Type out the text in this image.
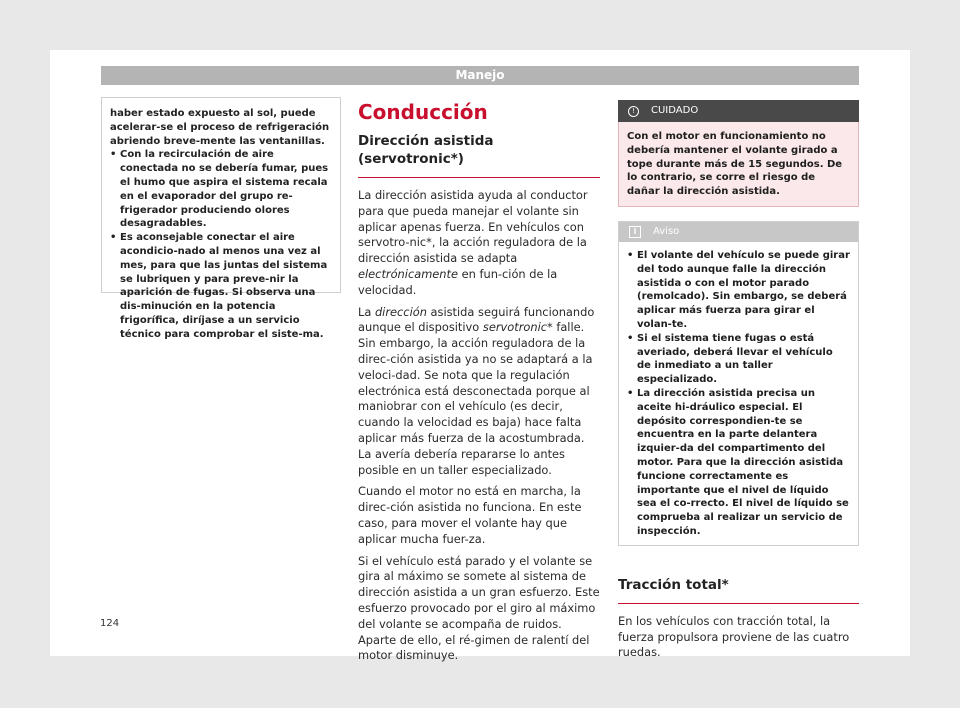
Manejo

haber estado expuesto al sol, puede acelerar-se el proceso de refrigeración abriendo breve-mente las ventanillas.

• Con la recirculación de aire conectada no se debería fumar, pues el humo que aspira el sistema recala en el evaporador del grupo re-frigerador produciendo olores desagradables.
• Es aconsejable conectar el aire acondicio-nado al menos una vez al mes, para que las juntas del sistema se lubriquen y para preve-nir la aparición de fugas. Si observa una dis-minución en la potencia frigorífica, diríjase a un servicio técnico para comprobar el siste-ma.
Conducción
Dirección asistida (servotronic*)

La dirección asistida ayuda al conductor para que pueda manejar el volante sin aplicar apenas fuerza. En vehículos con servotro-nic*, la acción reguladora de la dirección asistida se adapta electrónicamente en fun-ción de la velocidad.

La dirección asistida seguirá funcionando aunque el dispositivo servotronic* falle. Sin embargo, la acción reguladora de la direc-ción asistida ya no se adaptará a la veloci-dad. Se nota que la regulación electrónica está desconectada porque al maniobrar con el vehículo (es decir, cuando la velocidad es baja) hace falta aplicar más fuerza de la acostumbrada. La avería debería repararse lo antes posible en un taller especializado.

Cuando el motor no está en marcha, la direc-ción asistida no funciona. En este caso, para mover el volante hay que aplicar mucha fuer-za.

Si el vehículo está parado y el volante se gira al máximo se somete al sistema de dirección asistida a un gran esfuerzo. Este esfuerzo provocado por el giro al máximo del volante se acompaña de ruidos. Aparte de ello, el ré-gimen de ralentí del motor disminuye.

!	CUIDADO
Con el motor en funcionamiento no debería mantener el volante girado a tope durante más de 15 segundos. De lo contrario, se corre el riesgo de dañar la dirección asistida.
i	Aviso
• El volante del vehículo se puede girar del todo aunque falle la dirección asistida o con el motor parado (remolcado). Sin embargo, se deberá aplicar más fuerza para girar el volan-te.
• Si el sistema tiene fugas o está averiado, deberá llevar el vehículo de inmediato a un taller especializado.
• La dirección asistida precisa un aceite hi-dráulico especial. El depósito correspondien-te se encuentra en la parte delantera izquier-da del compartimento del motor. Para que la dirección asistida funcione correctamente es importante que el nivel de líquido sea el co-rrecto. El nivel de líquido se comprueba al realizar un servicio de inspección.
Tracción total*

En los vehículos con tracción total, la fuerza propulsora proviene de las cuatro ruedas.

124
